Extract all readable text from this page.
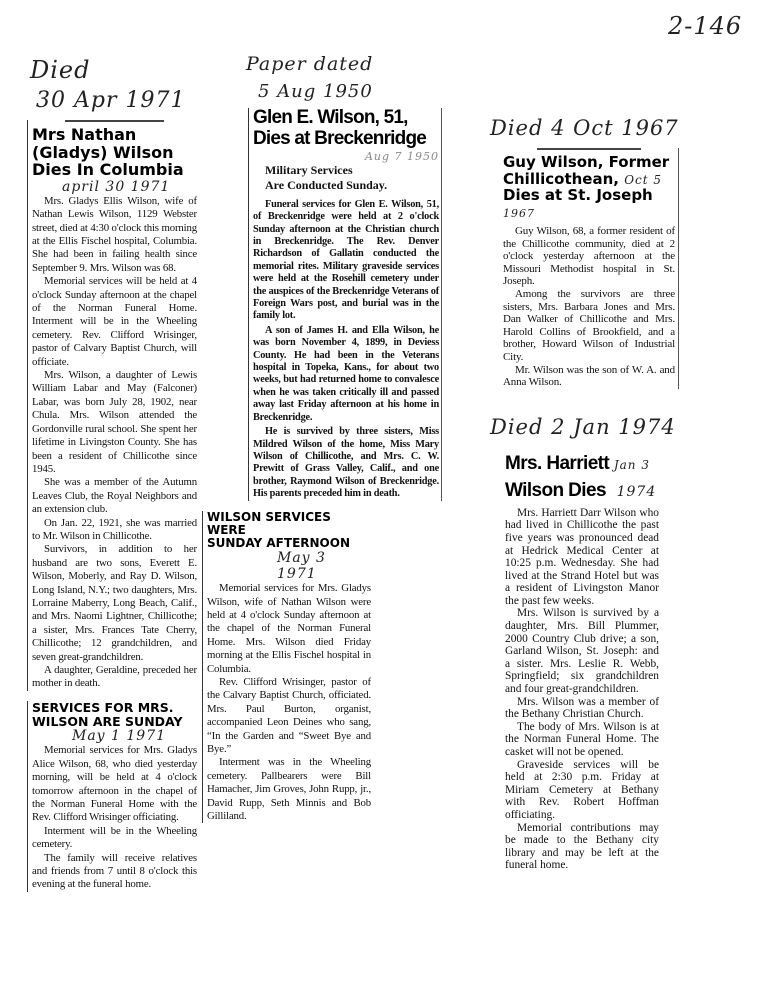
2-146
Died
30 Apr 1971
Mrs Nathan
(Gladys) Wilson
Dies In Columbia
april 30 1971

Mrs. Gladys Ellis Wilson, wife of Nathan Lewis Wilson, 1129 Webster street, died at 4:30 o'clock this morning at the Ellis Fischel hospital, Columbia. She had been in failing health since September 9. Mrs. Wilson was 68.

Memorial services will be held at 4 o'clock Sunday afternoon at the chapel of the Norman Funeral Home. Interment will be in the Wheeling cemetery. Rev. Clifford Wrisinger, pastor of Calvary Baptist Church, will officiate.

Mrs. Wilson, a daughter of Lewis William Labar and May (Falconer) Labar, was born July 28, 1902, near Chula. Mrs. Wilson attended the Gordonville rural school. She spent her lifetime in Livingston County. She has been a resident of Chillicothe since 1945.

She was a member of the Autumn Leaves Club, the Royal Neighbors and an extension club.

On Jan. 22, 1921, she was married to Mr. Wilson in Chillicothe.

Survivors, in addition to her husband are two sons, Everett E. Wilson, Moberly, and Ray D. Wilson, Long Island, N.Y.; two daughters, Mrs. Lorraine Maberry, Long Beach, Calif., and Mrs. Naomi Lightner, Chillicothe; a sister, Mrs. Frances Tate Cherry, Chillicothe; 12 grandchildren, and seven great-grandchildren.

A daughter, Geraldine, preceded her mother in death.

SERVICES FOR MRS.
WILSON ARE SUNDAY
May 1 1971

Memorial services for Mrs. Gladys Alice Wilson, 68, who died yesterday morning, will be held at 4 o'clock tomorrow afternoon in the chapel of the Norman Funeral Home with the Rev. Clifford Wrisinger officiating.

Interment will be in the Wheeling cemetery.

The family will receive relatives and friends from 7 until 8 o'clock this evening at the funeral home.

Paper dated
5 Aug 1950
Glen E. Wilson, 51,
Dies at Breckenridge
Aug 7 1950
Military Services
Are Conducted Sunday.

Funeral services for Glen E. Wilson, 51, of Breckenridge were held at 2 o'clock Sunday afternoon at the Christian church in Breckenridge. The Rev. Denver Richardson of Gallatin conducted the memorial rites. Military graveside services were held at the Rosehill cemetery under the auspices of the Breckenridge Veterans of Foreign Wars post, and burial was in the family lot.

A son of James H. and Ella Wilson, he was born November 4, 1899, in Deviess County. He had been in the Veterans hospital in Topeka, Kans., for about two weeks, but had returned home to convalesce when he was taken critically ill and passed away last Friday afternoon at his home in Breckenridge.

He is survived by three sisters, Miss Mildred Wilson of the home, Miss Mary Wilson of Chillicothe, and Mrs. C. W. Prewitt of Grass Valley, Calif., and one brother, Raymond Wilson of Breckenridge. His parents preceded him in death.

WILSON SERVICES WERE
SUNDAY AFTERNOON
May 3 1971

Memorial services for Mrs. Gladys Wilson, wife of Nathan Wilson were held at 4 o'clock Sunday afternoon at the chapel of the Norman Funeral Home. Mrs. Wilson died Friday morning at the Ellis Fischel hospital in Columbia.

Rev. Clifford Wrisinger, pastor of the Calvary Baptist Church, officiated. Mrs. Paul Burton, organist, accompanied Leon Deines who sang, “In the Garden and “Sweet Bye and Bye.”

Interment was in the Wheeling cemetery. Pallbearers were Bill Hamacher, Jim Groves, John Rupp, jr., David Rupp, Seth Minnis and Bob Gilliland.

Died 4 Oct 1967
Guy Wilson, Former
Chillicothean, Oct 5
Dies at St. Joseph 1967

Guy Wilson, 68, a former resident of the Chillicothe community, died at 2 o'clock yesterday afternoon at the Missouri Methodist hospital in St. Joseph.

Among the survivors are three sisters, Mrs. Barbara Jones and Mrs. Dan Walker of Chillicothe and Mrs. Harold Collins of Brookfield, and a brother, Howard Wilson of Industrial City.

Mr. Wilson was the son of W. A. and Anna Wilson.

Died 2 Jan 1974
Mrs. Harriett Jan 3
Wilson Dies 1974

Mrs. Harriett Darr Wilson who had lived in Chillicothe the past five years was pronounced dead at Hedrick Medical Center at 10:25 p.m. Wednesday. She had lived at the Strand Hotel but was a resident of Livingston Manor the past few weeks.

Mrs. Wilson is survived by a daughter, Mrs. Bill Plummer, 2000 Country Club drive; a son, Garland Wilson, St. Joseph: and a sister. Mrs. Leslie R. Webb, Springfield; six grandchildren and four great-grandchildren.

Mrs. Wilson was a member of the Bethany Christian Church.

The body of Mrs. Wilson is at the Norman Funeral Home. The casket will not be opened.

Graveside services will be held at 2:30 p.m. Friday at Miriam Cemetery at Bethany with Rev. Robert Hoffman officiating.

Memorial contributions may be made to the Bethany city library and may be left at the funeral home.
